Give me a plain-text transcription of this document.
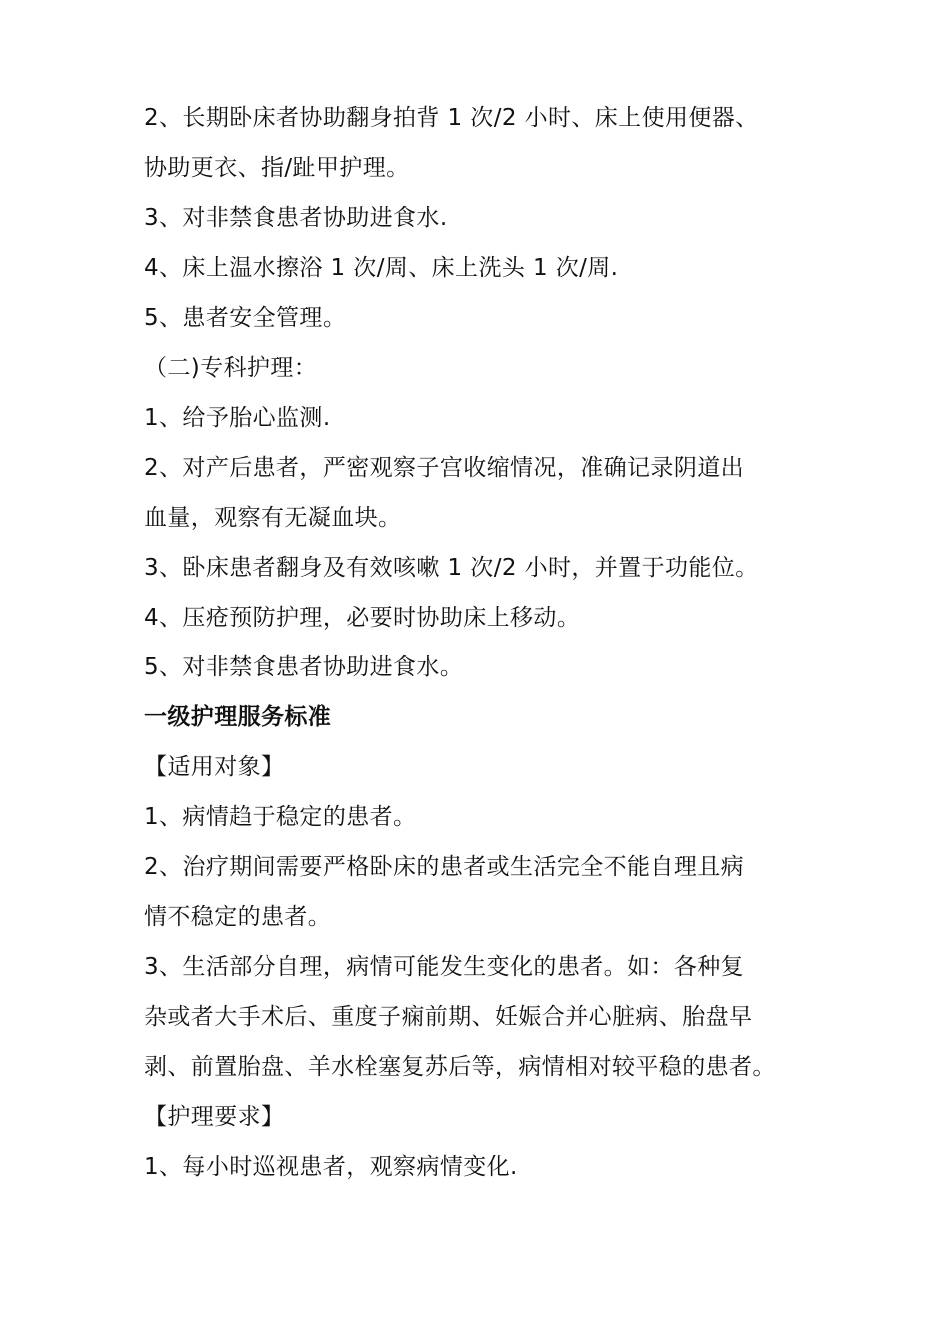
2、长期卧床者协助翻身拍背 1 次/2 小时、床上使用便器、
协助更衣、指/趾甲护理。
3、对非禁食患者协助进食水.
4、床上温水擦浴 1 次/周、床上洗头 1 次/周.
5、患者安全管理。
（二)专科护理：
1、给予胎心监测.
2、对产后患者，严密观察子宫收缩情况，准确记录阴道出
血量，观察有无凝血块。
3、卧床患者翻身及有效咳嗽 1 次/2 小时，并置于功能位。
4、压疮预防护理，必要时协助床上移动。
5、对非禁食患者协助进食水。
一级护理服务标准
【适用对象】
1、病情趋于稳定的患者。
2、治疗期间需要严格卧床的患者或生活完全不能自理且病
情不稳定的患者。
3、生活部分自理，病情可能发生变化的患者。如：各种复
杂或者大手术后、重度子痫前期、妊娠合并心脏病、胎盘早
剥、前置胎盘、羊水栓塞复苏后等，病情相对较平稳的患者。
【护理要求】
1、每小时巡视患者，观察病情变化.
